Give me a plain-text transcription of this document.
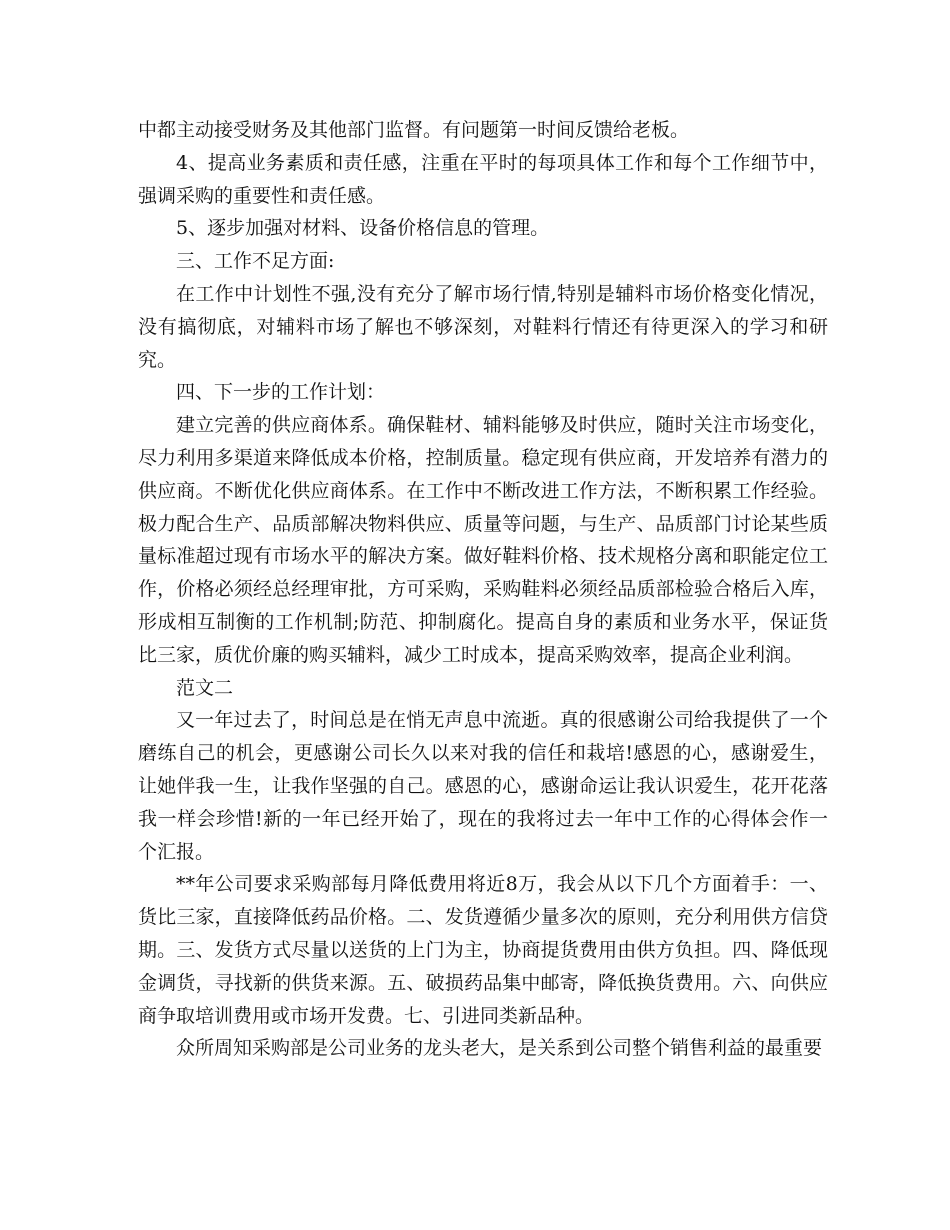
中都主动接受财务及其他部门监督。有问题第一时间反馈给老板。

4、提高业务素质和责任感，注重在平时的每项具体工作和每个工作细节中，强调采购的重要性和责任感。

5、逐步加强对材料、设备价格信息的管理。

三、工作不足方面:

在工作中计划性不强,没有充分了解市场行情,特别是辅料市场价格变化情况，没有搞彻底，对辅料市场了解也不够深刻，对鞋料行情还有待更深入的学习和研究。

四、下一步的工作计划：

建立完善的供应商体系。确保鞋材、辅料能够及时供应，随时关注市场变化，尽力利用多渠道来降低成本价格，控制质量。稳定现有供应商，开发培养有潜力的供应商。不断优化供应商体系。在工作中不断改进工作方法，不断积累工作经验。极力配合生产、品质部解决物料供应、质量等问题，与生产、品质部门讨论某些质量标准超过现有市场水平的解决方案。做好鞋料价格、技术规格分离和职能定位工作，价格必须经总经理审批，方可采购，采购鞋料必须经品质部检验合格后入库，形成相互制衡的工作机制;防范、抑制腐化。提高自身的素质和业务水平，保证货比三家，质优价廉的购买辅料，减少工时成本，提高采购效率，提高企业利润。

范文二

又一年过去了，时间总是在悄无声息中流逝。真的很感谢公司给我提供了一个磨练自己的机会，更感谢公司长久以来对我的信任和栽培!感恩的心，感谢爱生，让她伴我一生，让我作坚强的自己。感恩的心，感谢命运让我认识爱生，花开花落我一样会珍惜!新的一年已经开始了，现在的我将过去一年中工作的心得体会作一个汇报。

**年公司要求采购部每月降低费用将近8万，我会从以下几个方面着手：一、货比三家，直接降低药品价格。二、发货遵循少量多次的原则，充分利用供方信贷期。三、发货方式尽量以送货的上门为主，协商提货费用由供方负担。四、降低现金调货，寻找新的供货来源。五、破损药品集中邮寄，降低换货费用。六、向供应商争取培训费用或市场开发费。七、引进同类新品种。

众所周知采购部是公司业务的龙头老大，是关系到公司整个销售利益的最重要
